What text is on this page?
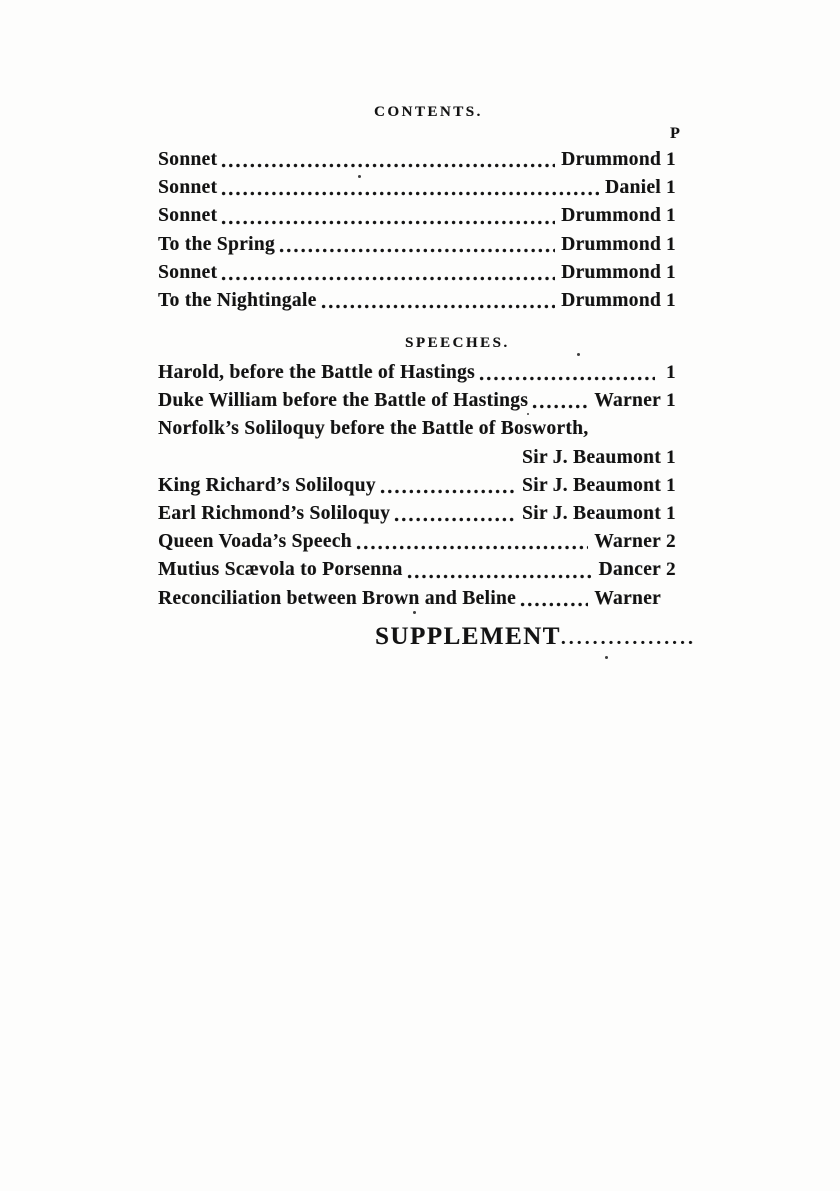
CONTENTS.
P
Sonnet	Drummond 1
Sonnet	Daniel 1
Sonnet	Drummond 1
To the Spring	Drummond 1
Sonnet	Drummond 1
To the Nightingale	Drummond 1
SPEECHES.
Harold, before the Battle of Hastings	1
Duke William before the Battle of Hastings	Warner 1
Norfolk’s Soliloquy before the Battle of Bosworth,
Sir J. Beaumont 1
King Richard’s Soliloquy	Sir J. Beaumont 1
Earl Richmond’s Soliloquy	Sir J. Beaumont 1
Queen Voada’s Speech	Warner 2
Mutius Scævola to Porsenna	Dancer 2
Reconciliation between Brown and Beline	Warner
SUPPLEMENT.................
